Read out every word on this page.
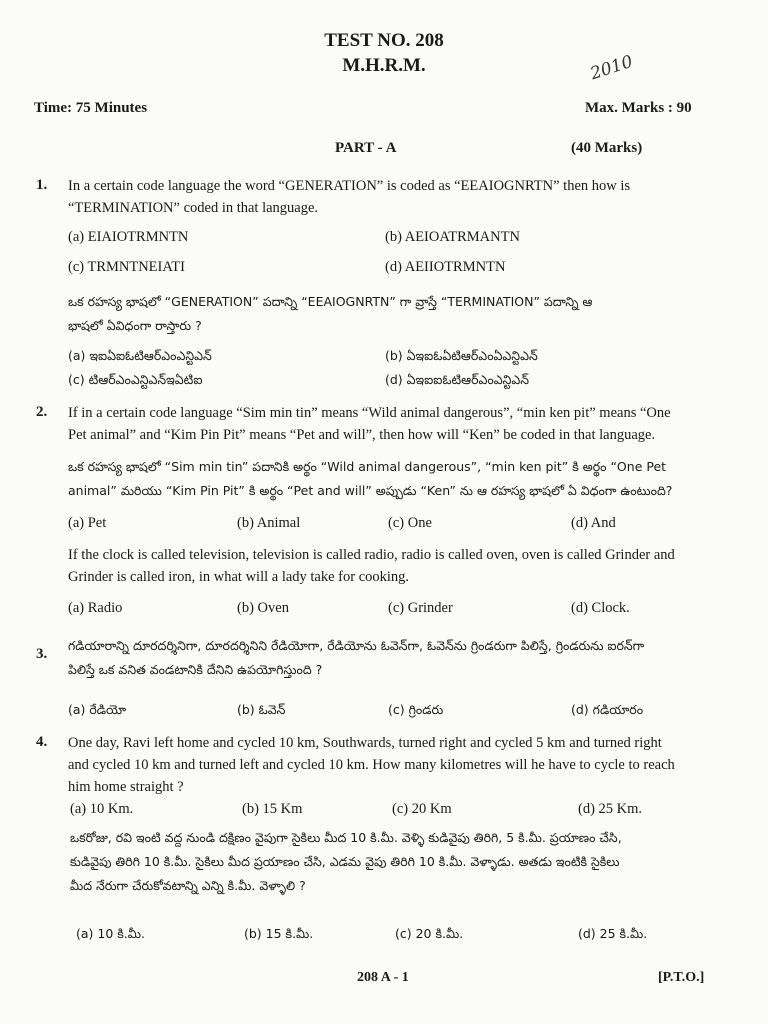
TEST NO. 208
M.H.R.M.	2010
Time: 75 Minutes	Max. Marks : 90
PART - A	(40 Marks)
1. In a certain code language the word “GENERATION” is coded as “EEAIOGNRTN” then how is
“TERMINATION” coded in that language.
(a) EIAIOTRMNTN	(b) AEIOATRMANTN
(c) TRMNTNEIATI	(d) AEIIOTRMNTN
ఒక రహస్య భాషలో “GENERATION” పదాన్ని “EEAIOGNRTN” గా వ్రాస్తే “TERMINATION” పదాన్ని ఆ
భాషలో ఏవిధంగా రాస్తారు ?
(a) ఇఐఏఐఓటిఆర్ఎంఎన్టిఎన్	(b) ఏఇఐఓఏటిఆర్ఎంఏఎన్టిఎన్
(c) టిఆర్ఎంఎన్టిఎన్ఇఏటిఐ	(d) ఏఇఐఐఓటిఆర్ఎంఎన్టిఎన్
2. If in a certain code language “Sim min tin” means “Wild animal dangerous”, “min ken pit” means “One
Pet animal” and “Kim Pin Pit” means “Pet and will”, then how will “Ken” be coded in that language.
ఒక రహస్య భాషలో “Sim min tin” పదానికి అర్థం “Wild animal dangerous”, “min ken pit” కి అర్థం “One Pet
animal” మరియు “Kim Pin Pit” కి అర్థం “Pet and will” అప్పుడు “Ken” ను ఆ రహస్య భాషలో ఏ విధంగా ఉంటుంది?
(a) Pet	(b) Animal	(c) One	(d) And
If the clock is called television, television is called radio, radio is called oven, oven is called Grinder and
Grinder is called iron, in what will a lady take for cooking.
(a) Radio	(b) Oven	(c) Grinder	(d) Clock.
3.
గడియారాన్ని దూరదర్శినిగా, దూరదర్శినిని రేడియోగా, రేడియోను ఓవెన్‌గా, ఓవెన్‌ను గ్రిండరుగా పిలిస్తే, గ్రిండరును ఐరన్‌గా
పిలిస్తే ఒక వనిత వండటానికి దేనిని ఉపయోగిస్తుంది ?
(a) రేడియో	(b) ఓవెన్	(c) గ్రిండరు	(d) గడియారం
4. One day, Ravi left home and cycled 10 km, Southwards, turned right and cycled 5 km and turned right
and cycled 10 km and turned left and cycled 10 km. How many kilometres will he have to cycle to reach
him home straight ?
(a) 10 Km.	(b) 15 Km	(c) 20 Km	(d) 25 Km.
ఒకరోజు, రవి ఇంటి వద్ద నుండి దక్షిణం వైపుగా సైకిలు మీద 10 కి.మీ. వెళ్ళి కుడివైపు తిరిగి, 5 కి.మీ. ప్రయాణం చేసి,
కుడివైపు తిరిగి 10 కి.మీ. సైకిలు మీద ప్రయాణం చేసి, ఎడమ వైపు తిరిగి 10 కి.మీ. వెళ్ళాడు. అతడు ఇంటికి సైకిలు
మీద నేరుగా చేరుకోవటాన్ని ఎన్ని కి.మీ. వెళ్ళాలి ?
(a) 10 కి.మీ.	(b) 15 కి.మీ.	(c) 20 కి.మీ.	(d) 25 కి.మీ.
208 A - 1	[P.T.O.]
